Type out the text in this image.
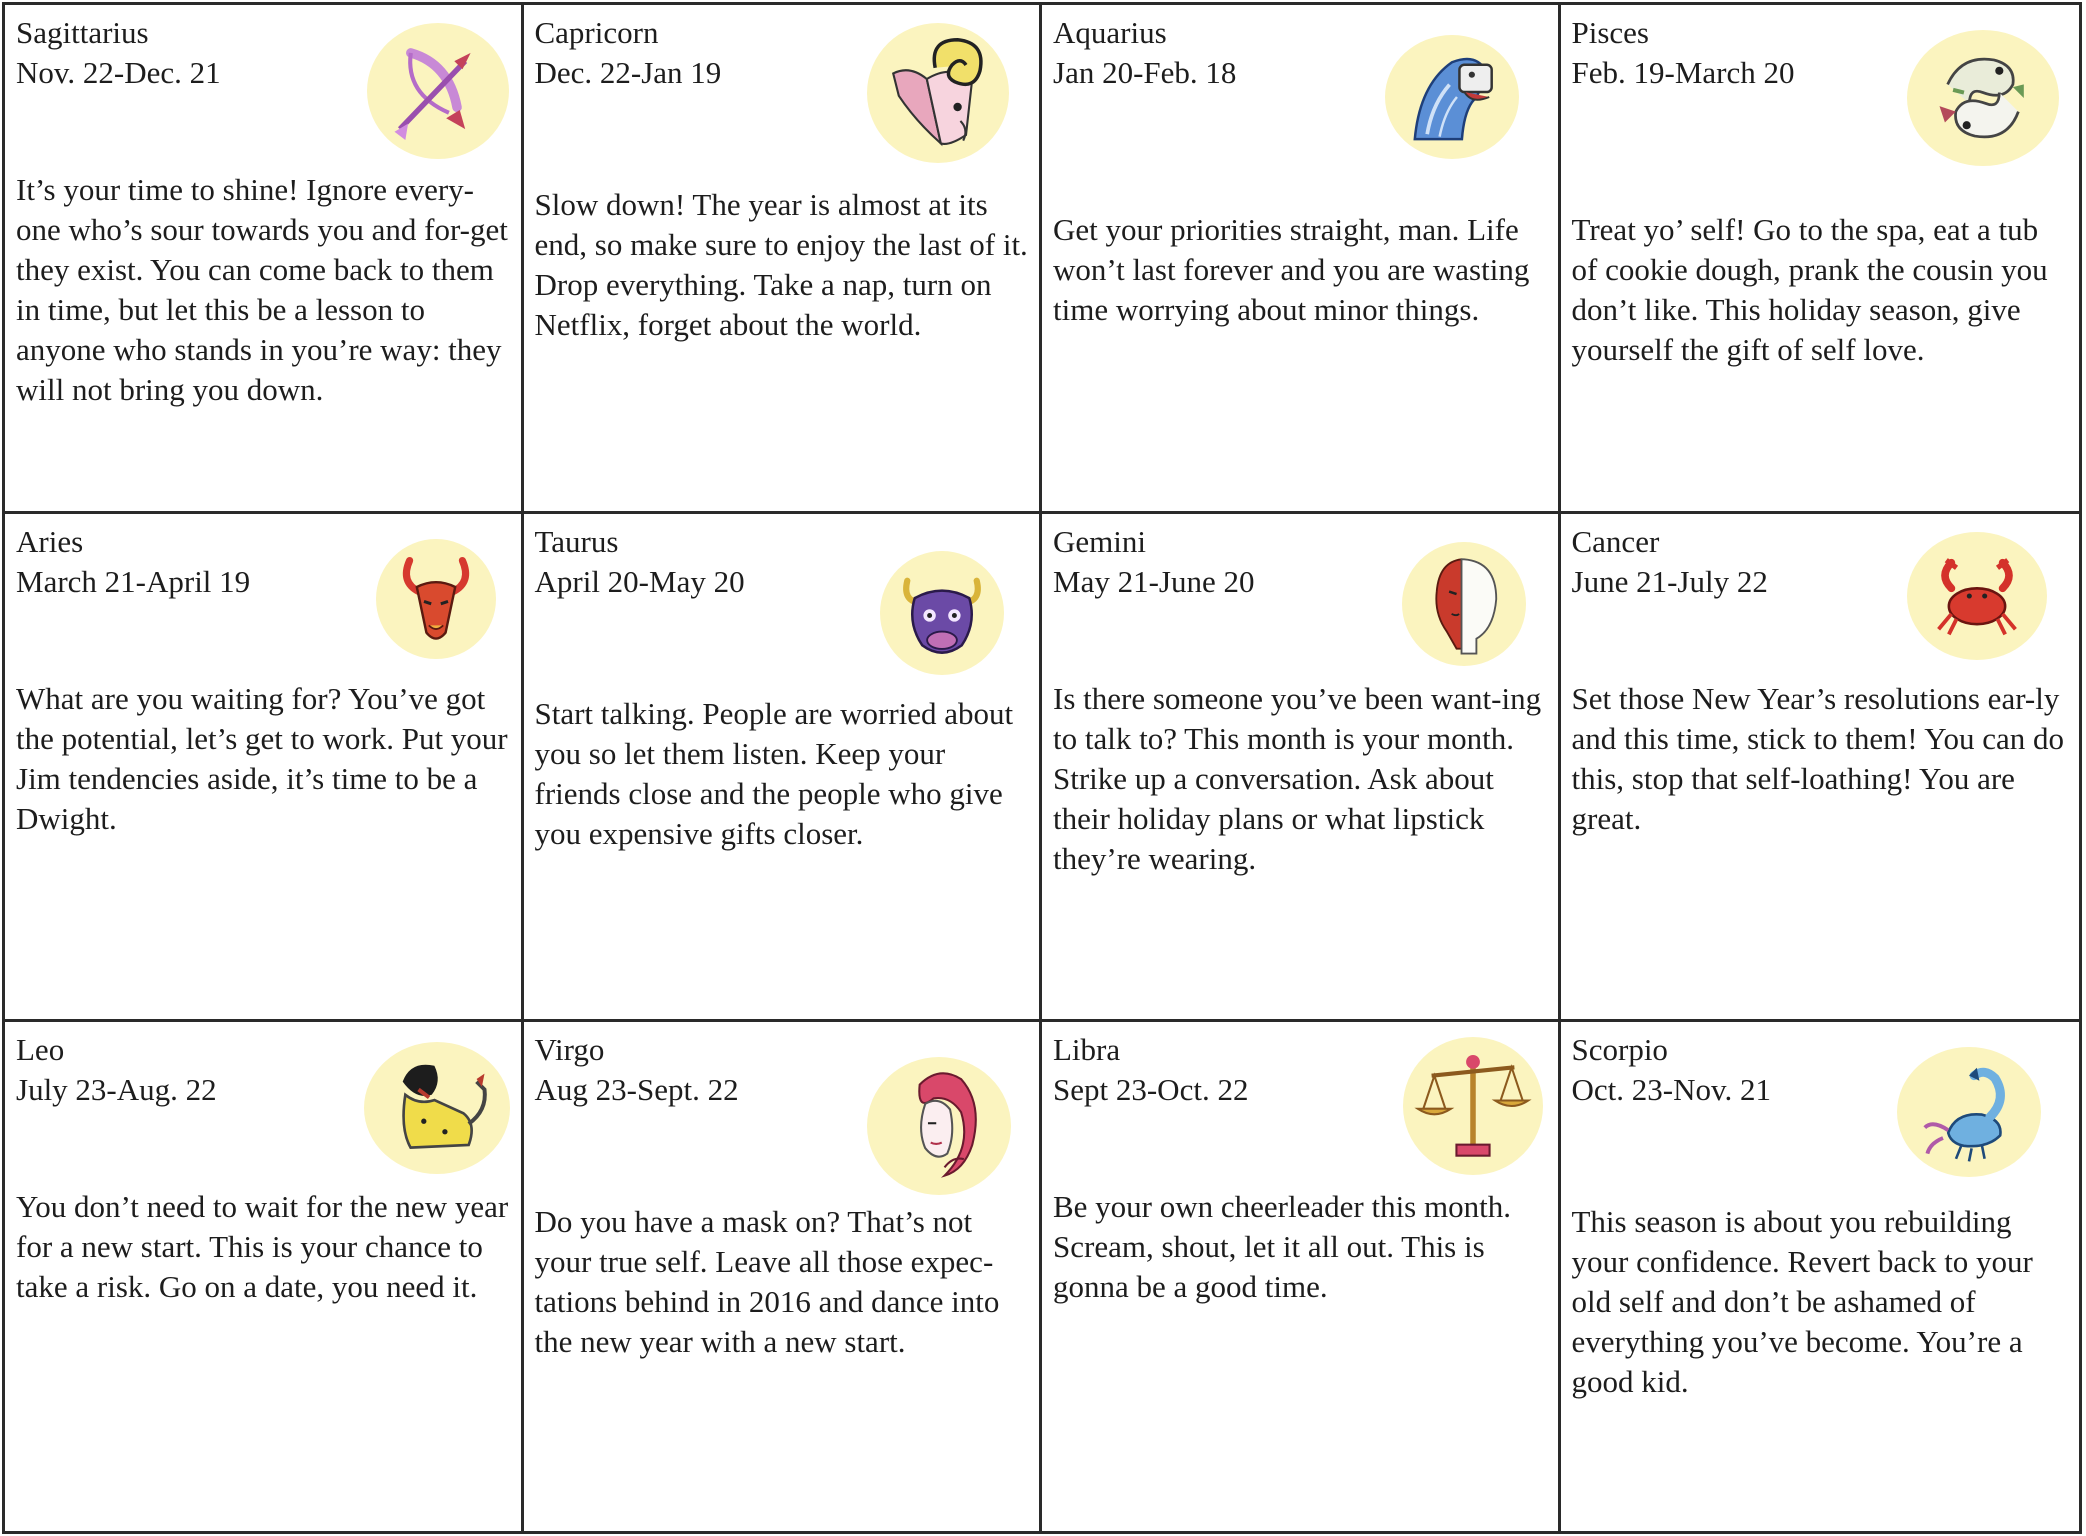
Sagittarius
Nov. 22-Dec. 21
It’s your time to shine! Ignore every-one who’s sour towards you and for-get they exist. You can come back to them in time, but let this be a lesson to anyone who stands in you’re way: they will not bring you down.
Capricorn
Dec. 22-Jan 19
Slow down! The year is almost at its end, so make sure to enjoy the last of it. Drop everything. Take a nap, turn on Netflix, forget about the world.
Aquarius
Jan 20-Feb. 18
Get your priorities straight, man. Life won’t last forever and you are wasting time worrying about minor things.
Pisces
Feb. 19-March 20
Treat yo’ self! Go to the spa, eat a tub of cookie dough, prank the cousin you don’t like. This holiday season, give yourself the gift of self love.
Aries
March 21-April 19
What are you waiting for? You’ve got the potential, let’s get to work. Put your Jim tendencies aside, it’s time to be a Dwight.
Taurus
April 20-May 20
Start talking. People are worried about you so let them listen. Keep your friends close and the people who give you expensive gifts closer.
Gemini
May 21-June 20
Is there someone you’ve been want-ing to talk to? This month is your month. Strike up a conversation. Ask about their holiday plans or what lipstick they’re wearing.
Cancer
June 21-July 22
Set those New Year’s resolutions ear-ly and this time, stick to them! You can do this, stop that self-loathing! You are great.
Leo
July 23-Aug. 22
You don’t need to wait for the new year for a new start. This is your chance to take a risk. Go on a date, you need it.
Virgo
Aug 23-Sept. 22
Do you have a mask on? That’s not your true self. Leave all those expec-tations behind in 2016 and dance into the new year with a new start.
Libra
Sept 23-Oct. 22
Be your own cheerleader this month. Scream, shout, let it all out. This is gonna be a good time.
Scorpio
Oct. 23-Nov. 21
This season is about you rebuilding your confidence. Revert back to your old self and don’t be ashamed of everything you’ve become. You’re a good kid.
